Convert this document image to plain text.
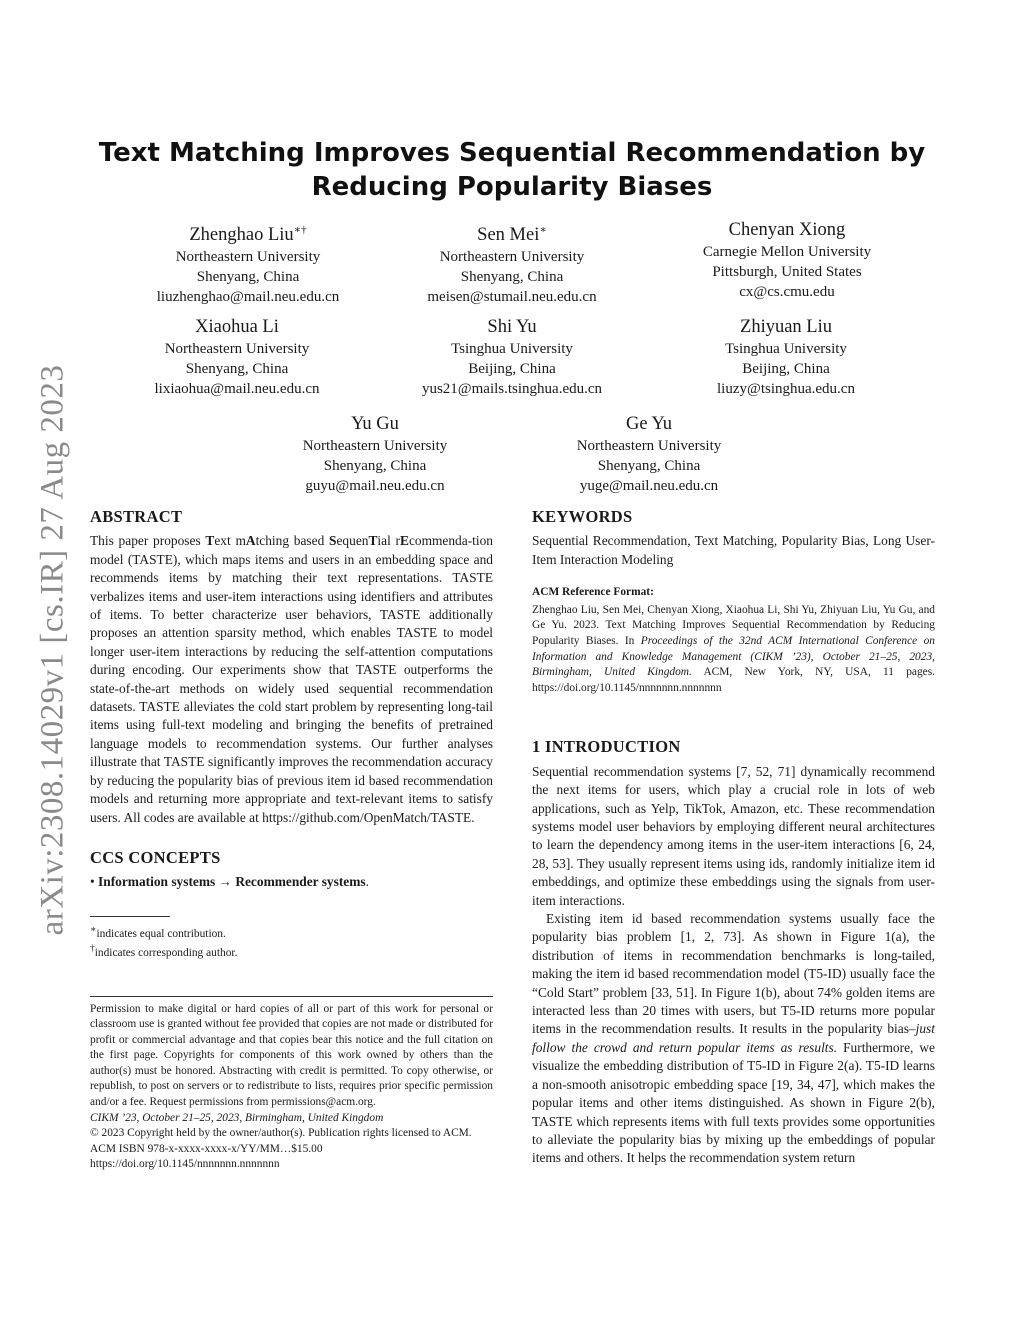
arXiv:2308.14029v1 [cs.IR] 27 Aug 2023
Text Matching Improves Sequential Recommendation by
Reducing Popularity Biases
Zhenghao Liu∗†
Northeastern University
Shenyang, China
liuzhenghao@mail.neu.edu.cn
Sen Mei∗
Northeastern University
Shenyang, China
meisen@stumail.neu.edu.cn
Chenyan Xiong
Carnegie Mellon University
Pittsburgh, United States
cx@cs.cmu.edu
Xiaohua Li
Northeastern University
Shenyang, China
lixiaohua@mail.neu.edu.cn
Shi Yu
Tsinghua University
Beijing, China
yus21@mails.tsinghua.edu.cn
Zhiyuan Liu
Tsinghua University
Beijing, China
liuzy@tsinghua.edu.cn
Yu Gu
Northeastern University
Shenyang, China
guyu@mail.neu.edu.cn
Ge Yu
Northeastern University
Shenyang, China
yuge@mail.neu.edu.cn
ABSTRACT

This paper proposes Text mAtching based SequenTial rEcommenda-tion model (TASTE), which maps items and users in an embedding space and recommends items by matching their text representations. TASTE verbalizes items and user-item interactions using identifiers and attributes of items. To better characterize user behaviors, TASTE additionally proposes an attention sparsity method, which enables TASTE to model longer user-item interactions by reducing the self-attention computations during encoding. Our experiments show that TASTE outperforms the state-of-the-art methods on widely used sequential recommendation datasets. TASTE alleviates the cold start problem by representing long-tail items using full-text modeling and bringing the benefits of pretrained language models to recommendation systems. Our further analyses illustrate that TASTE significantly improves the recommendation accuracy by reducing the popularity bias of previous item id based recommendation models and returning more appropriate and text-relevant items to satisfy users. All codes are available at https://github.com/OpenMatch/TASTE.

CCS CONCEPTS

• Information systems → Recommender systems.

∗indicates equal contribution.
†indicates corresponding author.

Permission to make digital or hard copies of all or part of this work for personal or classroom use is granted without fee provided that copies are not made or distributed for profit or commercial advantage and that copies bear this notice and the full citation on the first page. Copyrights for components of this work owned by others than the author(s) must be honored. Abstracting with credit is permitted. To copy otherwise, or republish, to post on servers or to redistribute to lists, requires prior specific permission and/or a fee. Request permissions from permissions@acm.org.

CIKM ’23, October 21–25, 2023, Birmingham, United Kingdom
© 2023 Copyright held by the owner/author(s). Publication rights licensed to ACM.
ACM ISBN 978-x-xxxx-xxxx-x/YY/MM…$15.00
https://doi.org/10.1145/nnnnnnn.nnnnnnn
KEYWORDS

Sequential Recommendation, Text Matching, Popularity Bias, Long User-Item Interaction Modeling

ACM Reference Format:

Zhenghao Liu, Sen Mei, Chenyan Xiong, Xiaohua Li, Shi Yu, Zhiyuan Liu, Yu Gu, and Ge Yu. 2023. Text Matching Improves Sequential Recommendation by Reducing Popularity Biases. In Proceedings of the 32nd ACM International Conference on Information and Knowledge Management (CIKM ’23), October 21–25, 2023, Birmingham, United Kingdom. ACM, New York, NY, USA, 11 pages. https://doi.org/10.1145/nnnnnnn.nnnnnnn

1 INTRODUCTION

Sequential recommendation systems [7, 52, 71] dynamically recommend the next items for users, which play a crucial role in lots of web applications, such as Yelp, TikTok, Amazon, etc. These recommendation systems model user behaviors by employing different neural architectures to learn the dependency among items in the user-item interactions [6, 24, 28, 53]. They usually represent items using ids, randomly initialize item id embeddings, and optimize these embeddings using the signals from user-item interactions.

Existing item id based recommendation systems usually face the popularity bias problem [1, 2, 73]. As shown in Figure 1(a), the distribution of items in recommendation benchmarks is long-tailed, making the item id based recommendation model (T5-ID) usually face the “Cold Start” problem [33, 51]. In Figure 1(b), about 74% golden items are interacted less than 20 times with users, but T5-ID returns more popular items in the recommendation results. It results in the popularity bias–just follow the crowd and return popular items as results. Furthermore, we visualize the embedding distribution of T5-ID in Figure 2(a). T5-ID learns a non-smooth anisotropic embedding space [19, 34, 47], which makes the popular items and other items distinguished. As shown in Figure 2(b), TASTE which represents items with full texts provides some opportunities to alleviate the popularity bias by mixing up the embeddings of popular items and others. It helps the recommendation system return
